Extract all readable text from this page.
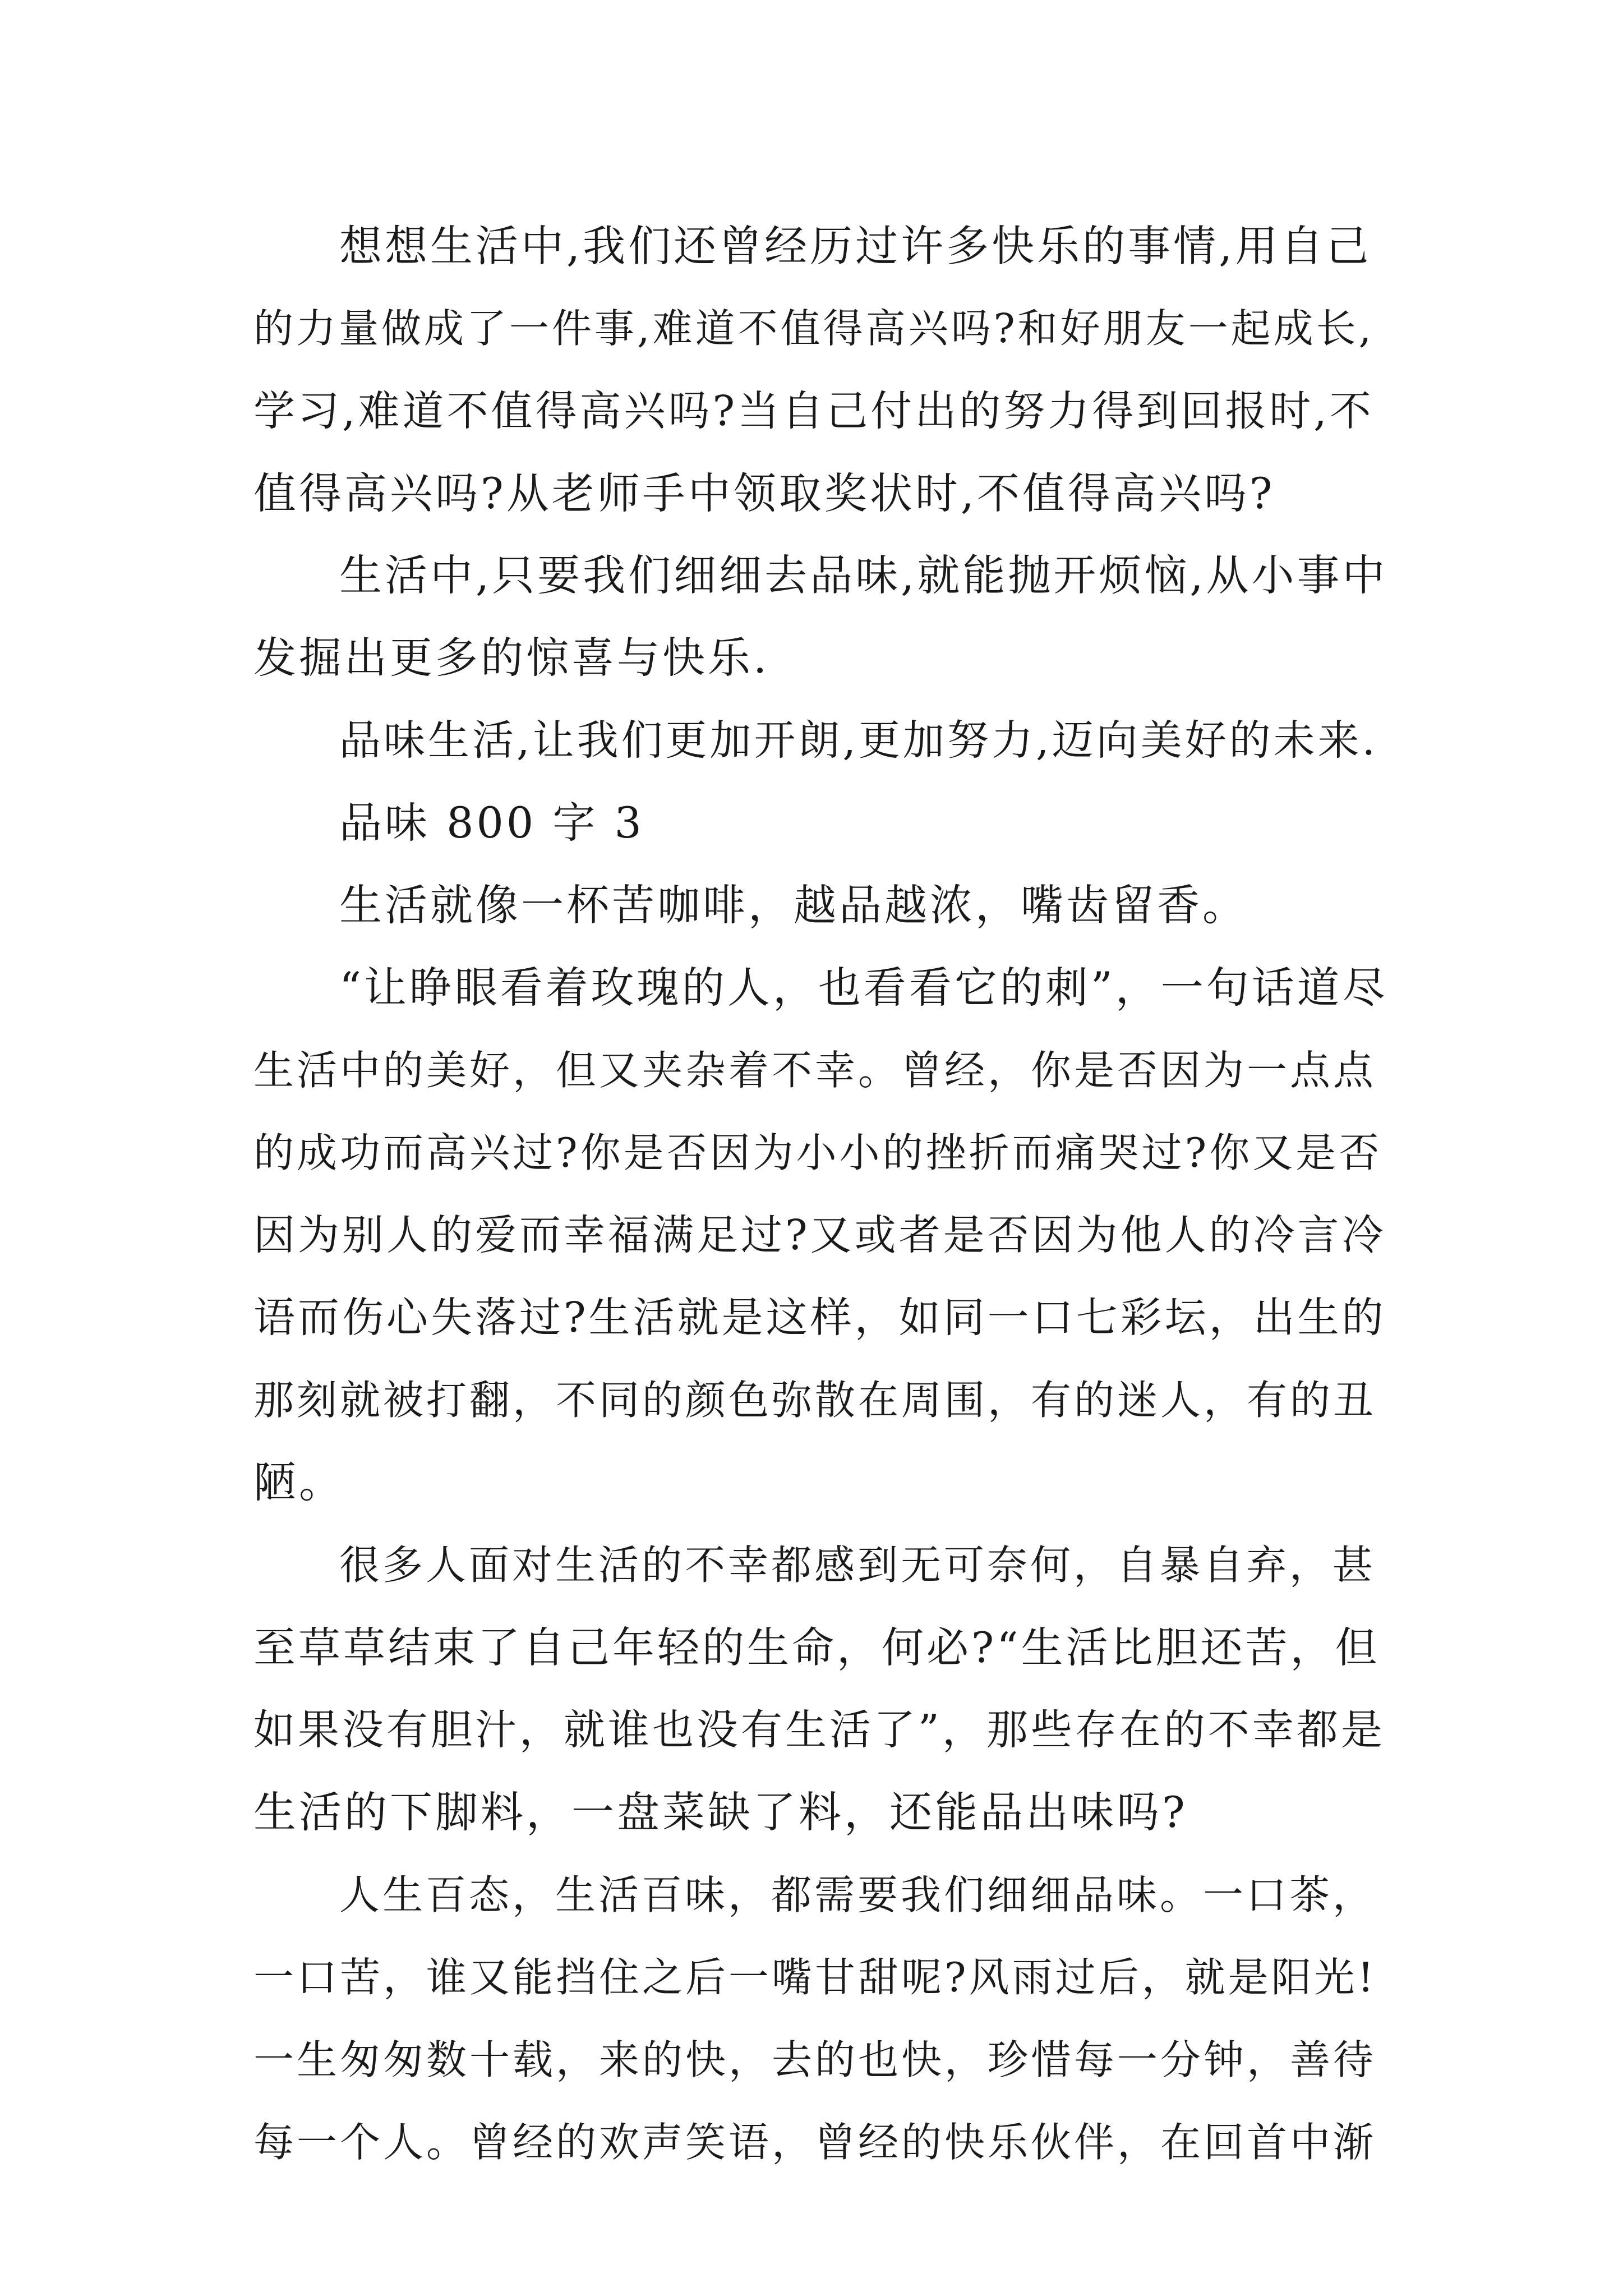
想想生活中,我们还曾经历过许多快乐的事情,用自己
的力量做成了一件事,难道不值得高兴吗?和好朋友一起成长,
学习,难道不值得高兴吗?当自己付出的努力得到回报时,不
值得高兴吗?从老师手中领取奖状时,不值得高兴吗?
生活中,只要我们细细去品味,就能抛开烦恼,从小事中
发掘出更多的惊喜与快乐.
品味生活,让我们更加开朗,更加努力,迈向美好的未来.
品味 800 字 3
生活就像一杯苦咖啡，越品越浓，嘴齿留香。
“让睁眼看着玫瑰的人，也看看它的刺”，一句话道尽
生活中的美好，但又夹杂着不幸。曾经，你是否因为一点点
的成功而高兴过?你是否因为小小的挫折而痛哭过?你又是否
因为别人的爱而幸福满足过?又或者是否因为他人的冷言冷
语而伤心失落过?生活就是这样，如同一口七彩坛，出生的
那刻就被打翻，不同的颜色弥散在周围，有的迷人，有的丑
陋。
很多人面对生活的不幸都感到无可奈何，自暴自弃，甚
至草草结束了自己年轻的生命，何必?“生活比胆还苦，但
如果没有胆汁，就谁也没有生活了”，那些存在的不幸都是
生活的下脚料，一盘菜缺了料，还能品出味吗?
人生百态，生活百味，都需要我们细细品味。一口茶，
一口苦，谁又能挡住之后一嘴甘甜呢?风雨过后，就是阳光!
一生匆匆数十载，来的快，去的也快，珍惜每一分钟，善待
每一个人。曾经的欢声笑语，曾经的快乐伙伴，在回首中渐
